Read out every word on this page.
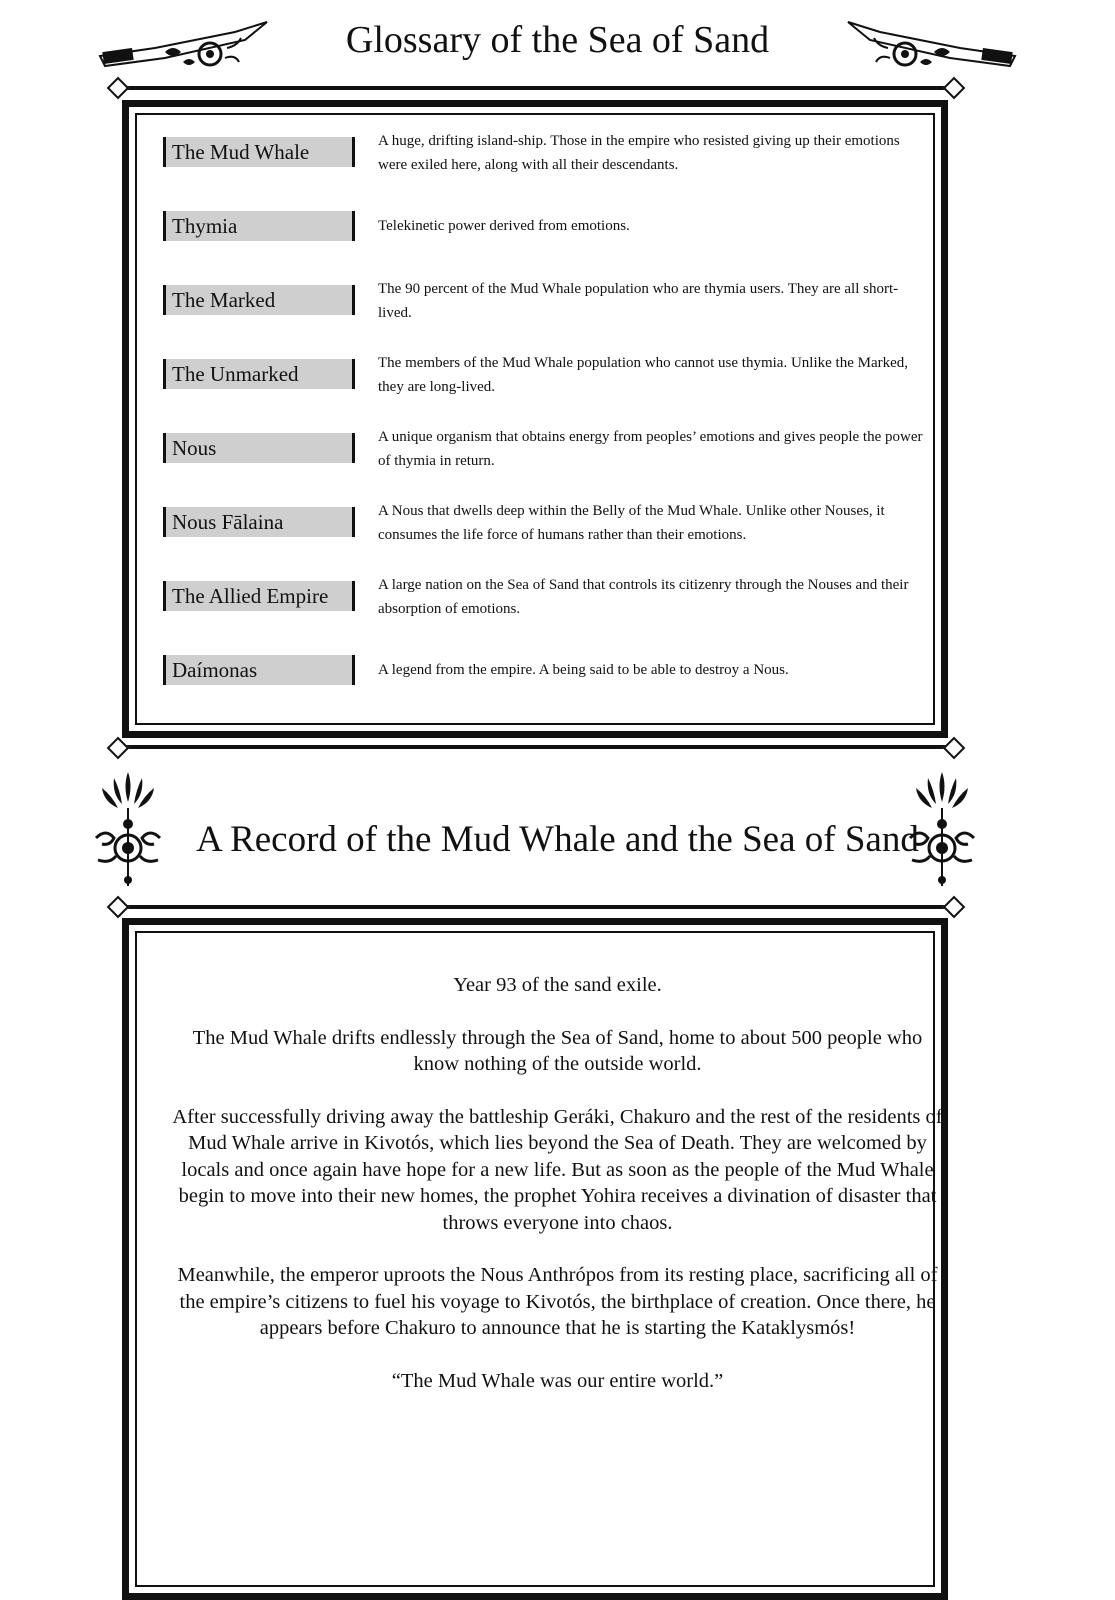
Glossary of the Sea of Sand
The Mud Whale	A huge, drifting island-ship. Those in the empire who resisted giving up their emotions were exiled here, along with all their descendants.
Thymia	Telekinetic power derived from emotions.
The Marked	The 90 percent of the Mud Whale population who are thymia users. They are all short-lived.
The Unmarked	The members of the Mud Whale population who cannot use thymia. Unlike the Marked, they are long-lived.
Nous	A unique organism that obtains energy from peoples’ emotions and gives people the power of thymia in return.
Nous Fālaina	A Nous that dwells deep within the Belly of the Mud Whale. Unlike other Nouses, it consumes the life force of humans rather than their emotions.
The Allied Empire	A large nation on the Sea of Sand that controls its citizenry through the Nouses and their absorption of emotions.
Daímonas	A legend from the empire. A being said to be able to destroy a Nous.
A Record of the Mud Whale and the Sea of Sand

Year 93 of the sand exile.

The Mud Whale drifts endlessly through the Sea of Sand, home to about 500 people who know nothing of the outside world.

After successfully driving away the battleship Geráki, Chakuro and the rest of the residents of Mud Whale arrive in Kivotós, which lies beyond the Sea of Death. They are welcomed by locals and once again have hope for a new life. But as soon as the people of the Mud Whale begin to move into their new homes, the prophet Yohira receives a divination of disaster that throws everyone into chaos.

Meanwhile, the emperor uproots the Nous Anthrópos from its resting place, sacrificing all of the empire’s citizens to fuel his voyage to Kivotós, the birthplace of creation. Once there, he appears before Chakuro to announce that he is starting the Kataklysmós!

“The Mud Whale was our entire world.”
